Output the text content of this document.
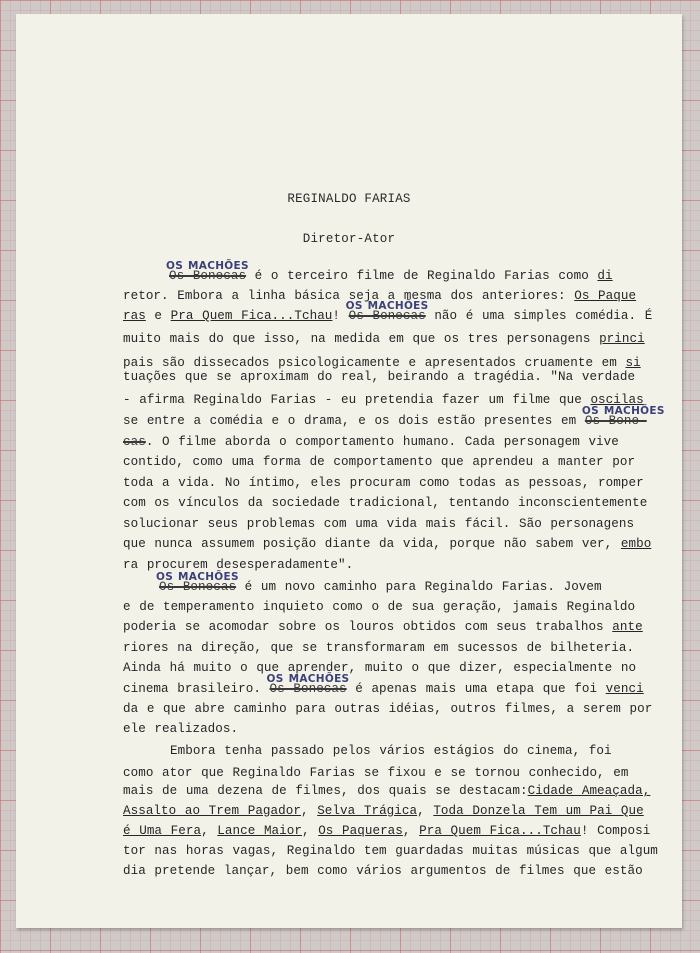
REGINALDO FARIAS
Diretor-Ator
OS MACHÕES
Os Bonecas é o terceiro filme de Reginaldo Farias como di
retor. Embora a linha básica seja a mesma dos anteriores: Os Paque
ras e Pra Quem Fica...Tchau!
OS MACHÕES
Os Bonecas não é uma simples comédia. É
muito mais do que isso, na medida em que os tres personagens princi
pais são dissecados psicologicamente e apresentados cruamente em si
tuações que se aproximam do real, beirando a tragédia. "Na verdade
- afirma Reginaldo Farias - eu pretendia fazer um filme que oscilas
se entre a comédia e o drama, e os dois estão presentes em
OS MACHÕES
Os Bone-
cas. O filme aborda o comportamento humano. Cada personagem vive
contido, como uma forma de comportamento que aprendeu a manter por
toda a vida. No íntimo, eles procuram como todas as pessoas, romper
com os vínculos da sociedade tradicional, tentando inconscientemente
solucionar seus problemas com uma vida mais fácil. São personagens
que nunca assumem posição diante da vida, porque não sabem ver, embo
ra procurem desesperadamente".
OS MACHÕES
Os Bonecas é um novo caminho para Reginaldo Farias. Jovem
e de temperamento inquieto como o de sua geração, jamais Reginaldo
poderia se acomodar sobre os louros obtidos com seus trabalhos ante
riores na direção, que se transformaram em sucessos de bilheteria.
Ainda há muito o que aprender, muito o que dizer, especialmente no
cinema brasileiro.
OS MACHÕES
Os Bonecas é apenas mais uma etapa que foi venci
da e que abre caminho para outras idéias, outros filmes, a serem por
ele realizados.
Embora tenha passado pelos vários estágios do cinema, foi
como ator que Reginaldo Farias se fixou e se tornou conhecido, em
mais de uma dezena de filmes, dos quais se destacam:Cidade Ameaçada,
Assalto ao Trem Pagador, Selva Trágica, Toda Donzela Tem um Pai Que
é Uma Fera, Lance Maior, Os Paqueras, Pra Quem Fica...Tchau! Composi
tor nas horas vagas, Reginaldo tem guardadas muitas músicas que algum
dia pretende lançar, bem como vários argumentos de filmes que estão
